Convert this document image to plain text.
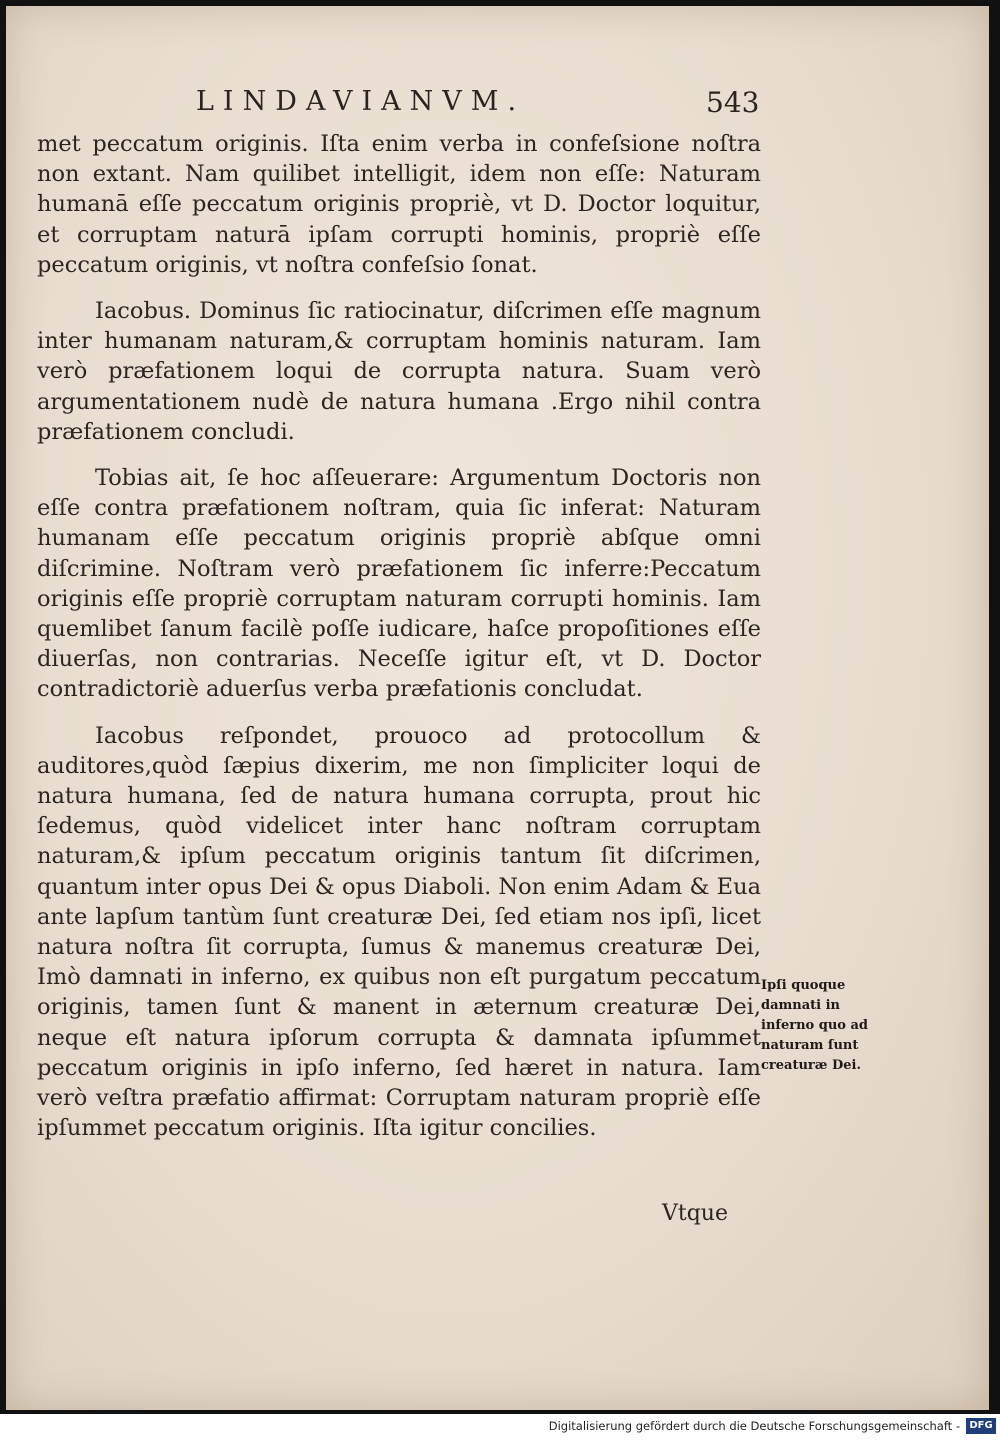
LINDAVIANVM.	543

met peccatum originis. Iſta enim verba in confeſsione noſtra non extant. Nam quilibet intelligit, idem non eſſe: Naturam humanā eſſe peccatum originis propriè, vt D. Doctor loquitur, et corruptam naturā ipſam corrupti hominis, propriè eſſe peccatum originis, vt noſtra confeſsio ſonat.

Iacobus. Dominus ſic ratiocinatur, diſcrimen eſſe magnum inter humanam naturam,& corruptam hominis naturam. Iam verò præfationem loqui de corrupta natura. Suam verò argumentationem nudè de natura humana .Ergo nihil contra præfationem concludi.

Tobias ait, ſe hoc aſſeuerare: Argumentum Doctoris non eſſe contra præfationem noſtram, quia ſic inferat: Naturam humanam eſſe peccatum originis propriè abſque omni diſcrimine. Noſtram verò præfationem ſic inferre:Peccatum originis eſſe propriè corruptam naturam corrupti hominis. Iam quemlibet ſanum facilè poſſe iudicare, haſce propoſitiones eſſe diuerſas, non contrarias. Neceſſe igitur eſt, vt D. Doctor contradictoriè aduerſus verba præfationis concludat.

Iacobus reſpondet, prouoco ad protocollum & auditores,quòd ſæpius dixerim, me non ſimpliciter loqui de natura humana, ſed de natura humana corrupta, prout hic ſedemus, quòd videlicet inter hanc noſtram corruptam naturam,& ipſum peccatum originis tantum ſit diſcrimen, quantum inter opus Dei & opus Diaboli. Non enim Adam & Eua ante lapſum tantùm ſunt creaturæ Dei, ſed etiam nos ipſi, licet natura noſtra ſit corrupta, ſumus & manemus creaturæ Dei, Imò damnati in inferno, ex quibus non eſt purgatum peccatum originis, tamen ſunt & manent in æternum creaturæ Dei, neque eſt natura ipſorum corrupta & damnata ipſummet peccatum originis in ipſo inferno, ſed hæret in natura. Iam verò veſtra præfatio affirmat: Corruptam naturam propriè eſſe ipſummet peccatum originis. Iſta igitur concilies.

Ipſi quoque damnati in inferno quo ad naturam ſunt creaturæ Dei.
Vtque
Digitalisierung gefördert durch die Deutsche Forschungsgemeinschaft - DFG
